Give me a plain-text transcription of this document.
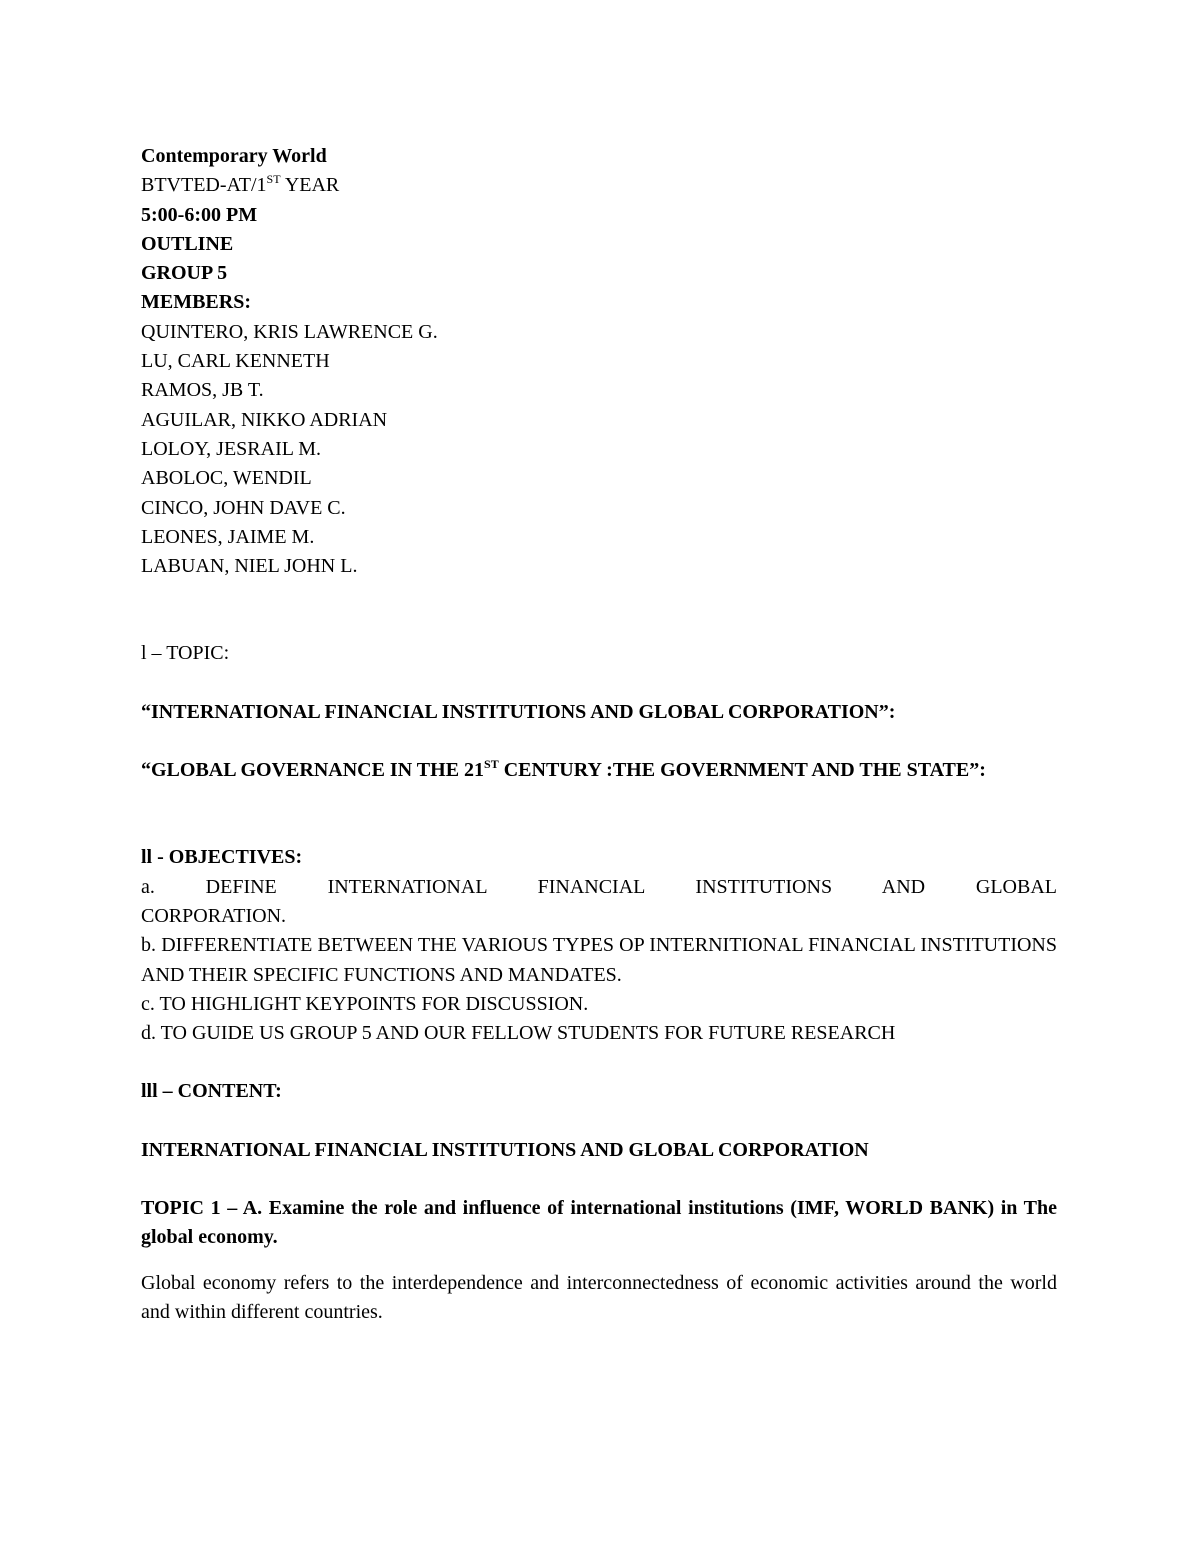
Contemporary World
BTVTED-AT/1ST YEAR
5:00-6:00 PM
OUTLINE
GROUP 5
MEMBERS:
QUINTERO, KRIS LAWRENCE G.
LU, CARL KENNETH
RAMOS, JB T.
AGUILAR, NIKKO ADRIAN
LOLOY, JESRAIL M.
ABOLOC, WENDIL
CINCO, JOHN DAVE C.
LEONES, JAIME M.
LABUAN, NIEL JOHN L.
l – TOPIC:
“INTERNATIONAL FINANCIAL INSTITUTIONS AND GLOBAL CORPORATION”:
“GLOBAL GOVERNANCE IN THE 21ST CENTURY :THE GOVERNMENT AND THE STATE”:
ll - OBJECTIVES:
a. DEFINE INTERNATIONAL FINANCIAL INSTITUTIONS AND GLOBAL CORPORATION.
b. DIFFERENTIATE BETWEEN THE VARIOUS TYPES OP INTERNITIONAL FINANCIAL INSTITUTIONS AND THEIR SPECIFIC FUNCTIONS AND MANDATES.
c. TO HIGHLIGHT KEYPOINTS FOR DISCUSSION.
d. TO GUIDE US GROUP 5 AND OUR FELLOW STUDENTS FOR FUTURE RESEARCH
lll – CONTENT:
INTERNATIONAL FINANCIAL INSTITUTIONS AND GLOBAL CORPORATION
TOPIC 1 – A. Examine the role and influence of international institutions (IMF, WORLD BANK) in The global economy.
Global economy refers to the interdependence and interconnectedness of economic activities around the world and within different countries.
